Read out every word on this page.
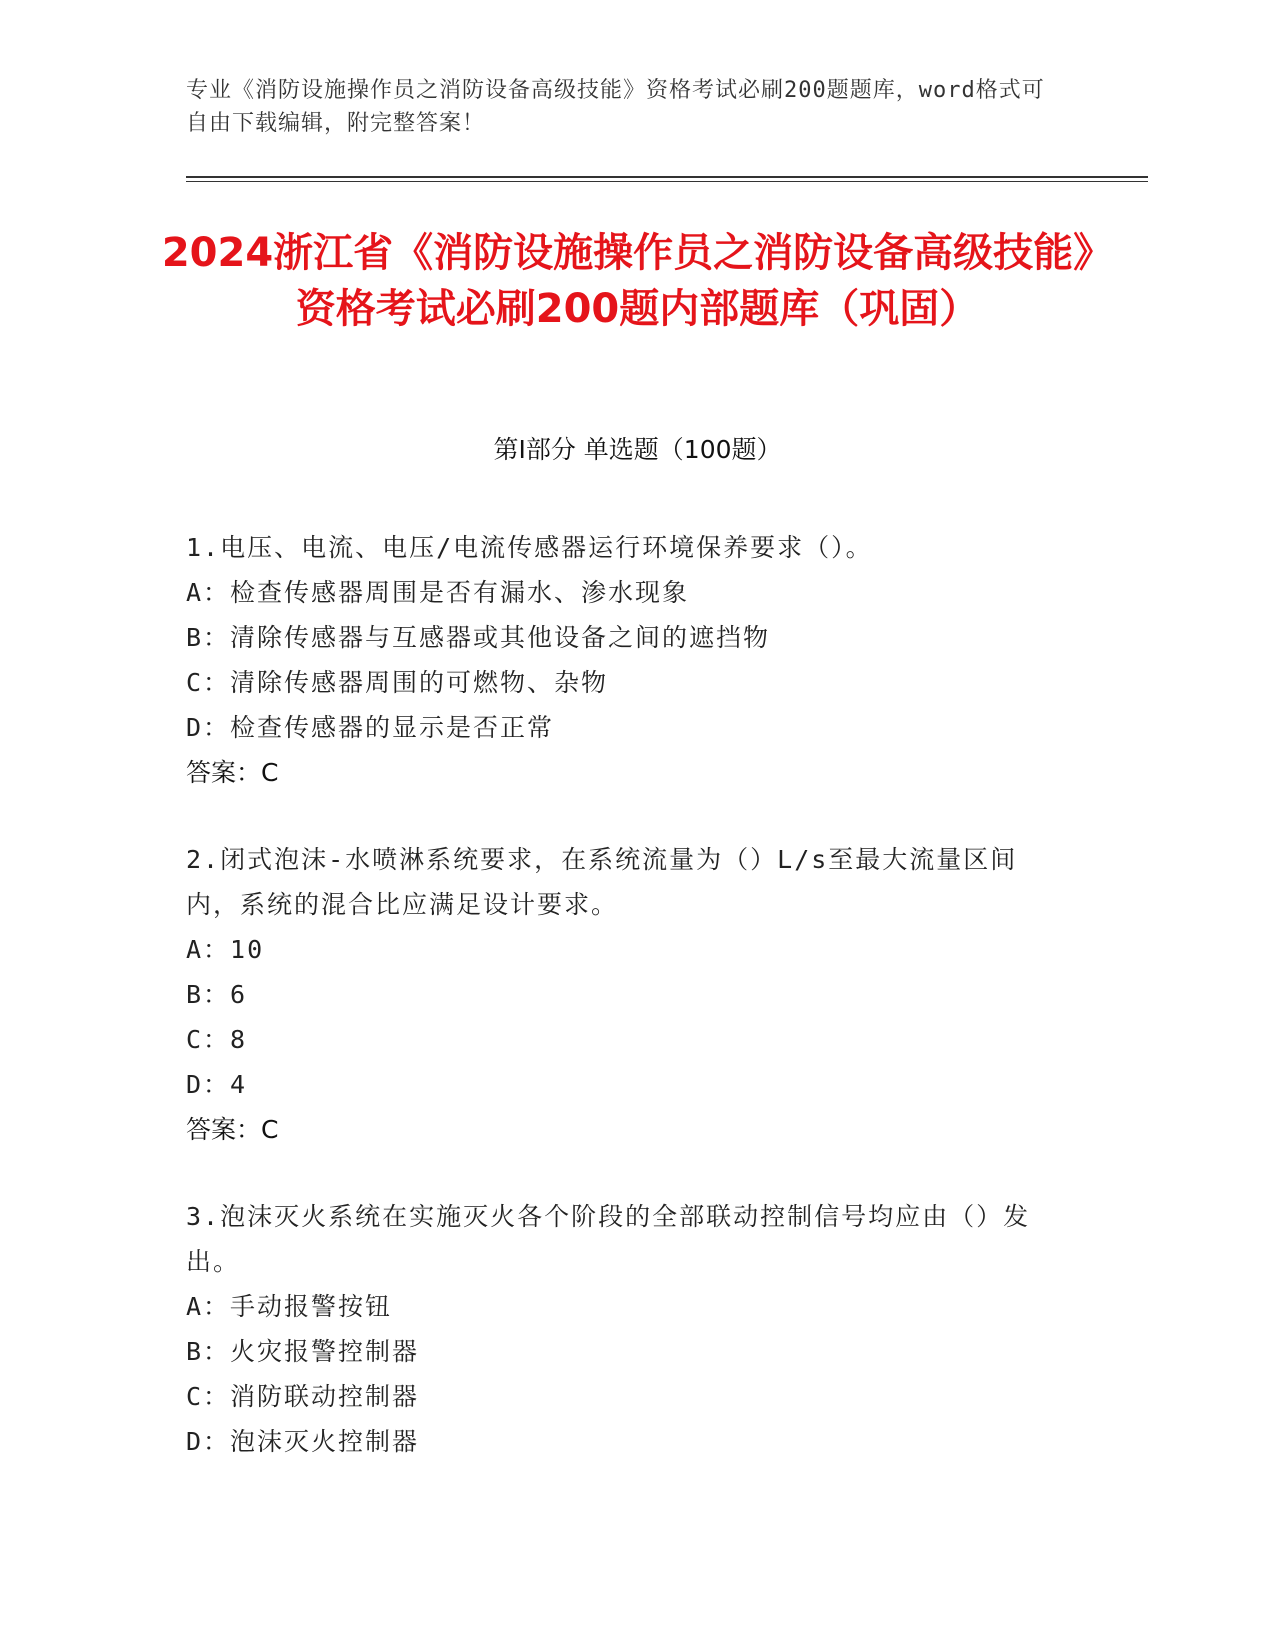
专业《消防设施操作员之消防设备高级技能》资格考试必刷200题题库，word格式可自由下载编辑，附完整答案！
2024浙江省《消防设施操作员之消防设备高级技能》资格考试必刷200题内部题库（巩固）
第Ⅰ部分 单选题（100题）
1.电压、电流、电压/电流传感器运行环境保养要求（）。
A：检查传感器周围是否有漏水、渗水现象
B：清除传感器与互感器或其他设备之间的遮挡物
C：清除传感器周围的可燃物、杂物
D：检查传感器的显示是否正常
答案：C
2.闭式泡沫-水喷淋系统要求，在系统流量为（）L/s至最大流量区间内，系统的混合比应满足设计要求。
A：10
B：6
C：8
D：4
答案：C
3.泡沫灭火系统在实施灭火各个阶段的全部联动控制信号均应由（）发出。
A：手动报警按钮
B：火灾报警控制器
C：消防联动控制器
D：泡沫灭火控制器
